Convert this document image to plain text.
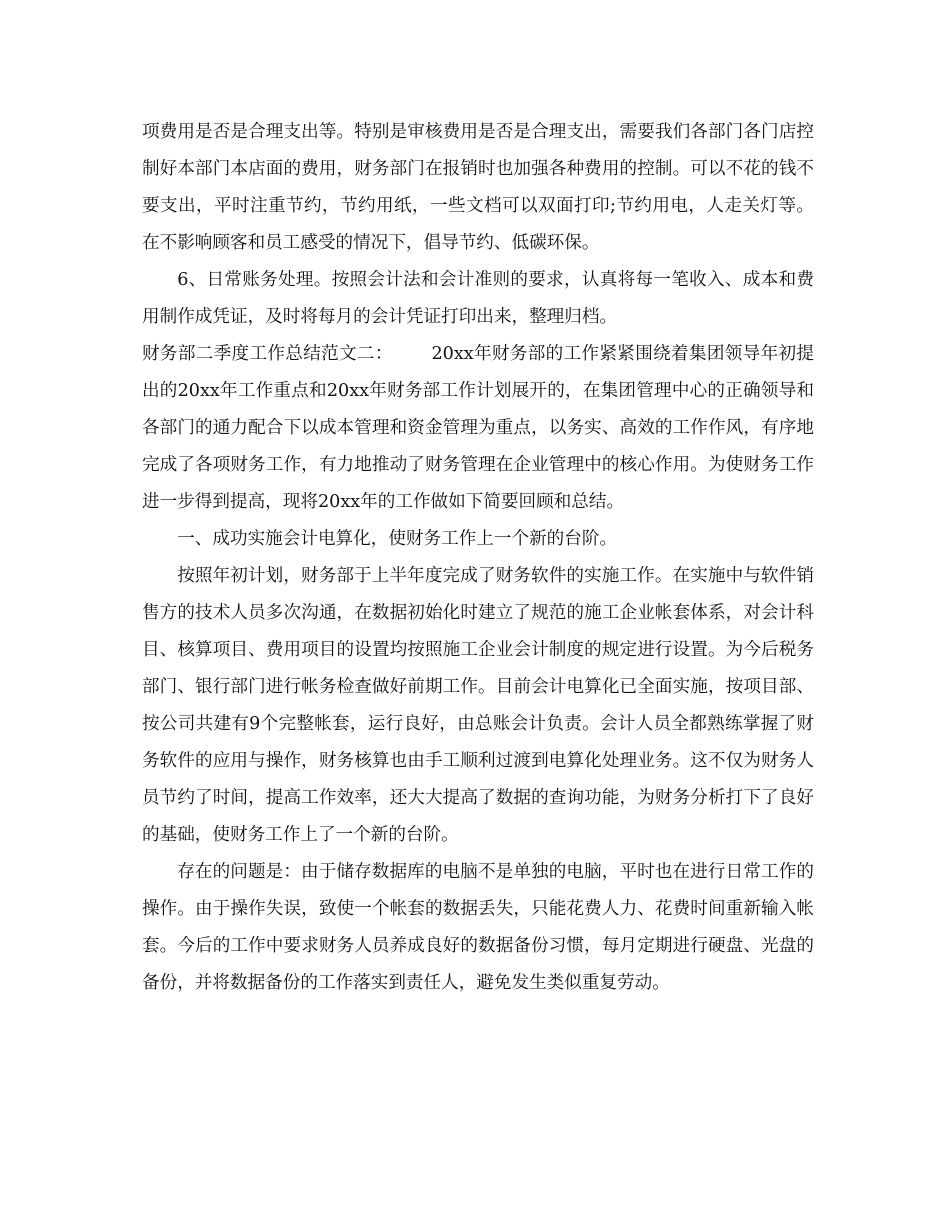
项费用是否是合理支出等。特别是审核费用是否是合理支出，需要我们各部门各门店控制好本部门本店面的费用，财务部门在报销时也加强各种费用的控制。可以不花的钱不要支出，平时注重节约，节约用纸，一些文档可以双面打印;节约用电，人走关灯等。在不影响顾客和员工感受的情况下，倡导节约、低碳环保。

6、日常账务处理。按照会计法和会计准则的要求，认真将每一笔收入、成本和费用制作成凭证，及时将每月的会计凭证打印出来，整理归档。

财务部二季度工作总结范文二： 20xx年财务部的工作紧紧围绕着集团领导年初提出的20xx年工作重点和20xx年财务部工作计划展开的，在集团管理中心的正确领导和各部门的通力配合下以成本管理和资金管理为重点，以务实、高效的工作作风，有序地完成了各项财务工作，有力地推动了财务管理在企业管理中的核心作用。为使财务工作进一步得到提高，现将20xx年的工作做如下简要回顾和总结。

一、成功实施会计电算化，使财务工作上一个新的台阶。

按照年初计划，财务部于上半年度完成了财务软件的实施工作。在实施中与软件销售方的技术人员多次沟通，在数据初始化时建立了规范的施工企业帐套体系，对会计科目、核算项目、费用项目的设置均按照施工企业会计制度的规定进行设置。为今后税务部门、银行部门进行帐务检查做好前期工作。目前会计电算化已全面实施，按项目部、按公司共建有9个完整帐套，运行良好，由总账会计负责。会计人员全都熟练掌握了财务软件的应用与操作，财务核算也由手工顺利过渡到电算化处理业务。这不仅为财务人员节约了时间，提高工作效率，还大大提高了数据的查询功能，为财务分析打下了良好的基础，使财务工作上了一个新的台阶。

存在的问题是：由于储存数据库的电脑不是单独的电脑，平时也在进行日常工作的操作。由于操作失误，致使一个帐套的数据丢失，只能花费人力、花费时间重新输入帐套。今后的工作中要求财务人员养成良好的数据备份习惯，每月定期进行硬盘、光盘的备份，并将数据备份的工作落实到责任人，避免发生类似重复劳动。
